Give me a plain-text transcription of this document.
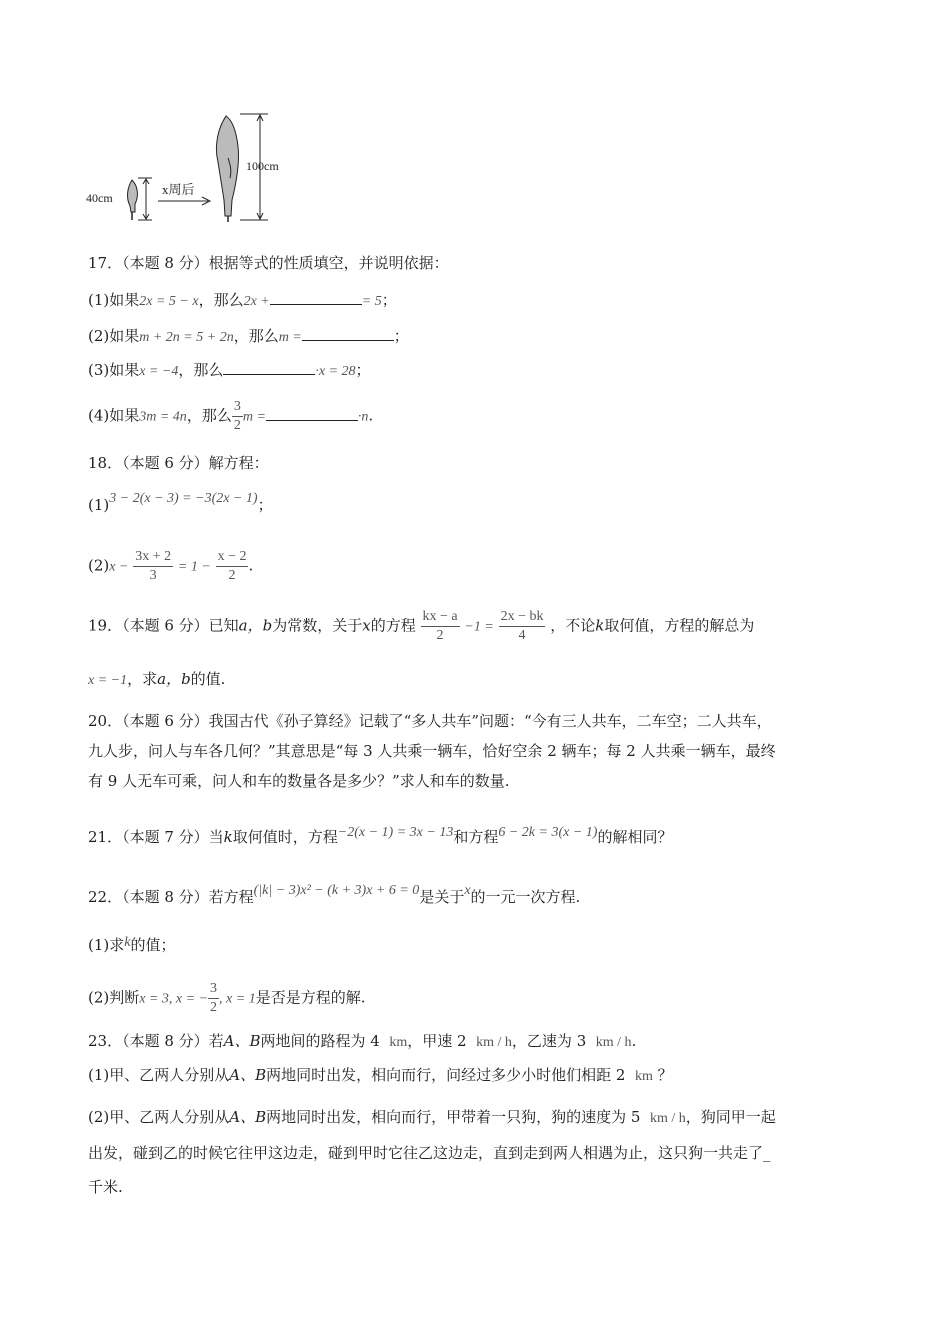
40cm
x周后
100cm
17．（本题 8 分）根据等式的性质填空，并说明依据：
(1)如果2x = 5 − x，那么2x +	= 5；
(2)如果m + 2n = 5 + 2n，那么m =	；
(3)如果x = −4，那么	·x = 28；
(4)如果3m = 4n，那么 $\frac{3}{2}$ m =	·n.
18．（本题 6 分）解方程：
(1)3 − 2(x − 3) = −3(2x − 1)；
$(2)x - \frac{3x + 2}{3} = 1 - \frac{x - 2}{2}$ .
19．（本题 6 分）已知a，b为常数，关于x的方程 $\frac{kx - a}{2} -1 = \frac{2x - bk}{4}$ ，不论k取何值，方程的解总为
x = −1，求a，b的值.
20．（本题 6 分）我国古代《孙子算经》记载了“多人共车”问题：“今有三人共车，二车空；二人共车，
九人步，问人与车各几何？”其意思是“每 3 人共乘一辆车，恰好空余 2 辆车；每 2 人共乘一辆车，最终
有 9 人无车可乘，问人和车的数量各是多少？”求人和车的数量.
21．（本题 7 分）当k取何值时，方程−2(x − 1) = 3x − 13和方程6 − 2k = 3(x − 1)的解相同？
22．（本题 8 分）若方程(|k| − 3)x² − (k + 3)x + 6 = 0是关于x的一元一次方程.
(1)求k的值；
(2)判断x = 3, x = − $\frac{3}{2}$ , x = 1是否是方程的解.
23．（本题 8 分）若A、B两地间的路程为 4 km，甲速 2 km / h，乙速为 3 km / h.
(1)甲、乙两人分别从A、B两地同时出发，相向而行，问经过多少小时他们相距 2 km ？
(2)甲、乙两人分别从A、B两地同时出发，相向而行，甲带着一只狗，狗的速度为 5 km / h，狗同甲一起
出发，碰到乙的时候它往甲这边走，碰到甲时它往乙这边走，直到走到两人相遇为止，这只狗一共走了_
千米.
